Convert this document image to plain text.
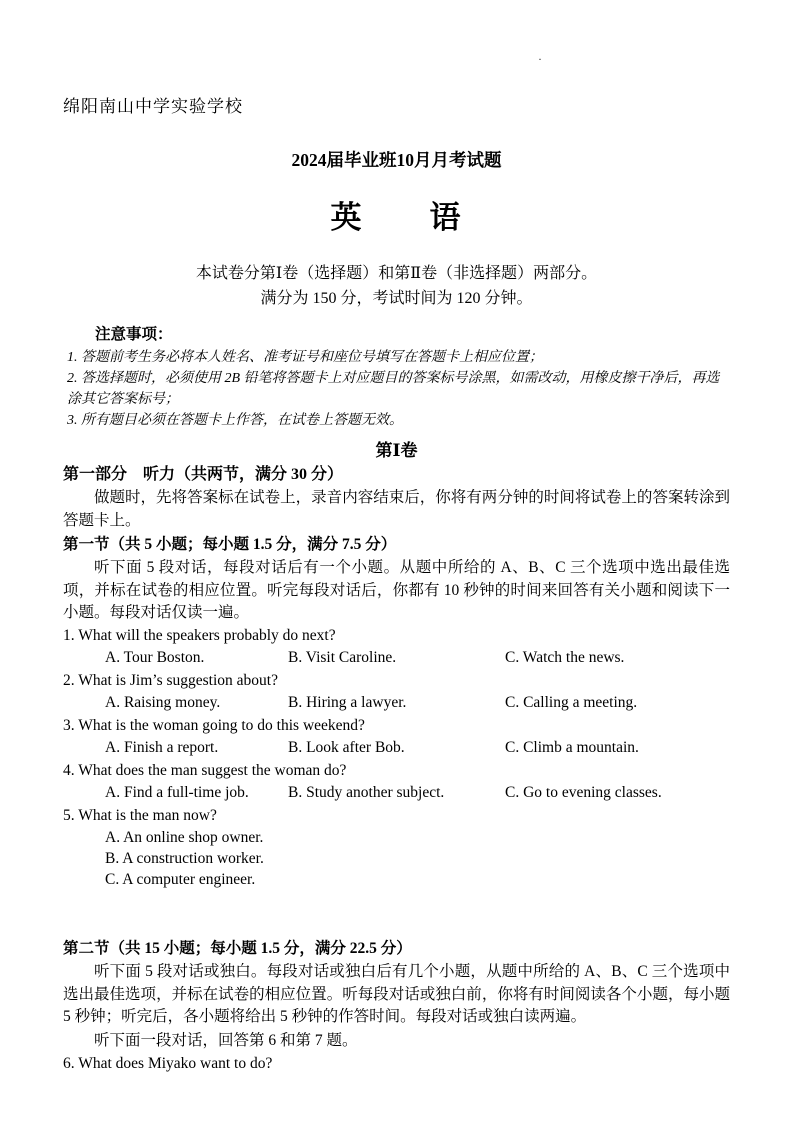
·
绵阳南山中学实验学校
2024届毕业班10月月考试题
英　　语
本试卷分第Ⅰ卷（选择题）和第Ⅱ卷（非选择题）两部分。
满分为 150 分，考试时间为 120 分钟。
注意事项：
1. 答题前考生务必将本人姓名、准考证号和座位号填写在答题卡上相应位置；
2. 答选择题时，必须使用 2B 铅笔将答题卡上对应题目的答案标号涂黑，如需改动，用橡皮擦干净后，再选涂其它答案标号；
3. 所有题目必须在答题卡上作答，在试卷上答题无效。
第Ⅰ卷
第一部分　听力（共两节，满分 30 分）
做题时，先将答案标在试卷上，录音内容结束后，你将有两分钟的时间将试卷上的答案转涂到答题卡上。
第一节（共 5 小题；每小题 1.5 分，满分 7.5 分）
听下面 5 段对话，每段对话后有一个小题。从题中所给的 A、B、C 三个选项中选出最佳选项，并标在试卷的相应位置。听完每段对话后，你都有 10 秒钟的时间来回答有关小题和阅读下一小题。每段对话仅读一遍。
1. What will the speakers probably do next?
A. Tour Boston.	B. Visit Caroline.	C. Watch the news.
2. What is Jim’s suggestion about?
A. Raising money.	B. Hiring a lawyer.	C. Calling a meeting.
3. What is the woman going to do this weekend?
A. Finish a report.	B. Look after Bob.	C. Climb a mountain.
4. What does the man suggest the woman do?
A. Find a full-time job.	B. Study another subject.	C. Go to evening classes.
5. What is the man now?
A. An online shop owner.
B. A construction worker.
C. A computer engineer.
第二节（共 15 小题；每小题 1.5 分，满分 22.5 分）
听下面 5 段对话或独白。每段对话或独白后有几个小题，从题中所给的 A、B、C 三个选项中选出最佳选项，并标在试卷的相应位置。听每段对话或独白前，你将有时间阅读各个小题，每小题 5 秒钟；听完后，各小题将给出 5 秒钟的作答时间。每段对话或独白读两遍。
听下面一段对话，回答第 6 和第 7 题。
6. What does Miyako want to do?
